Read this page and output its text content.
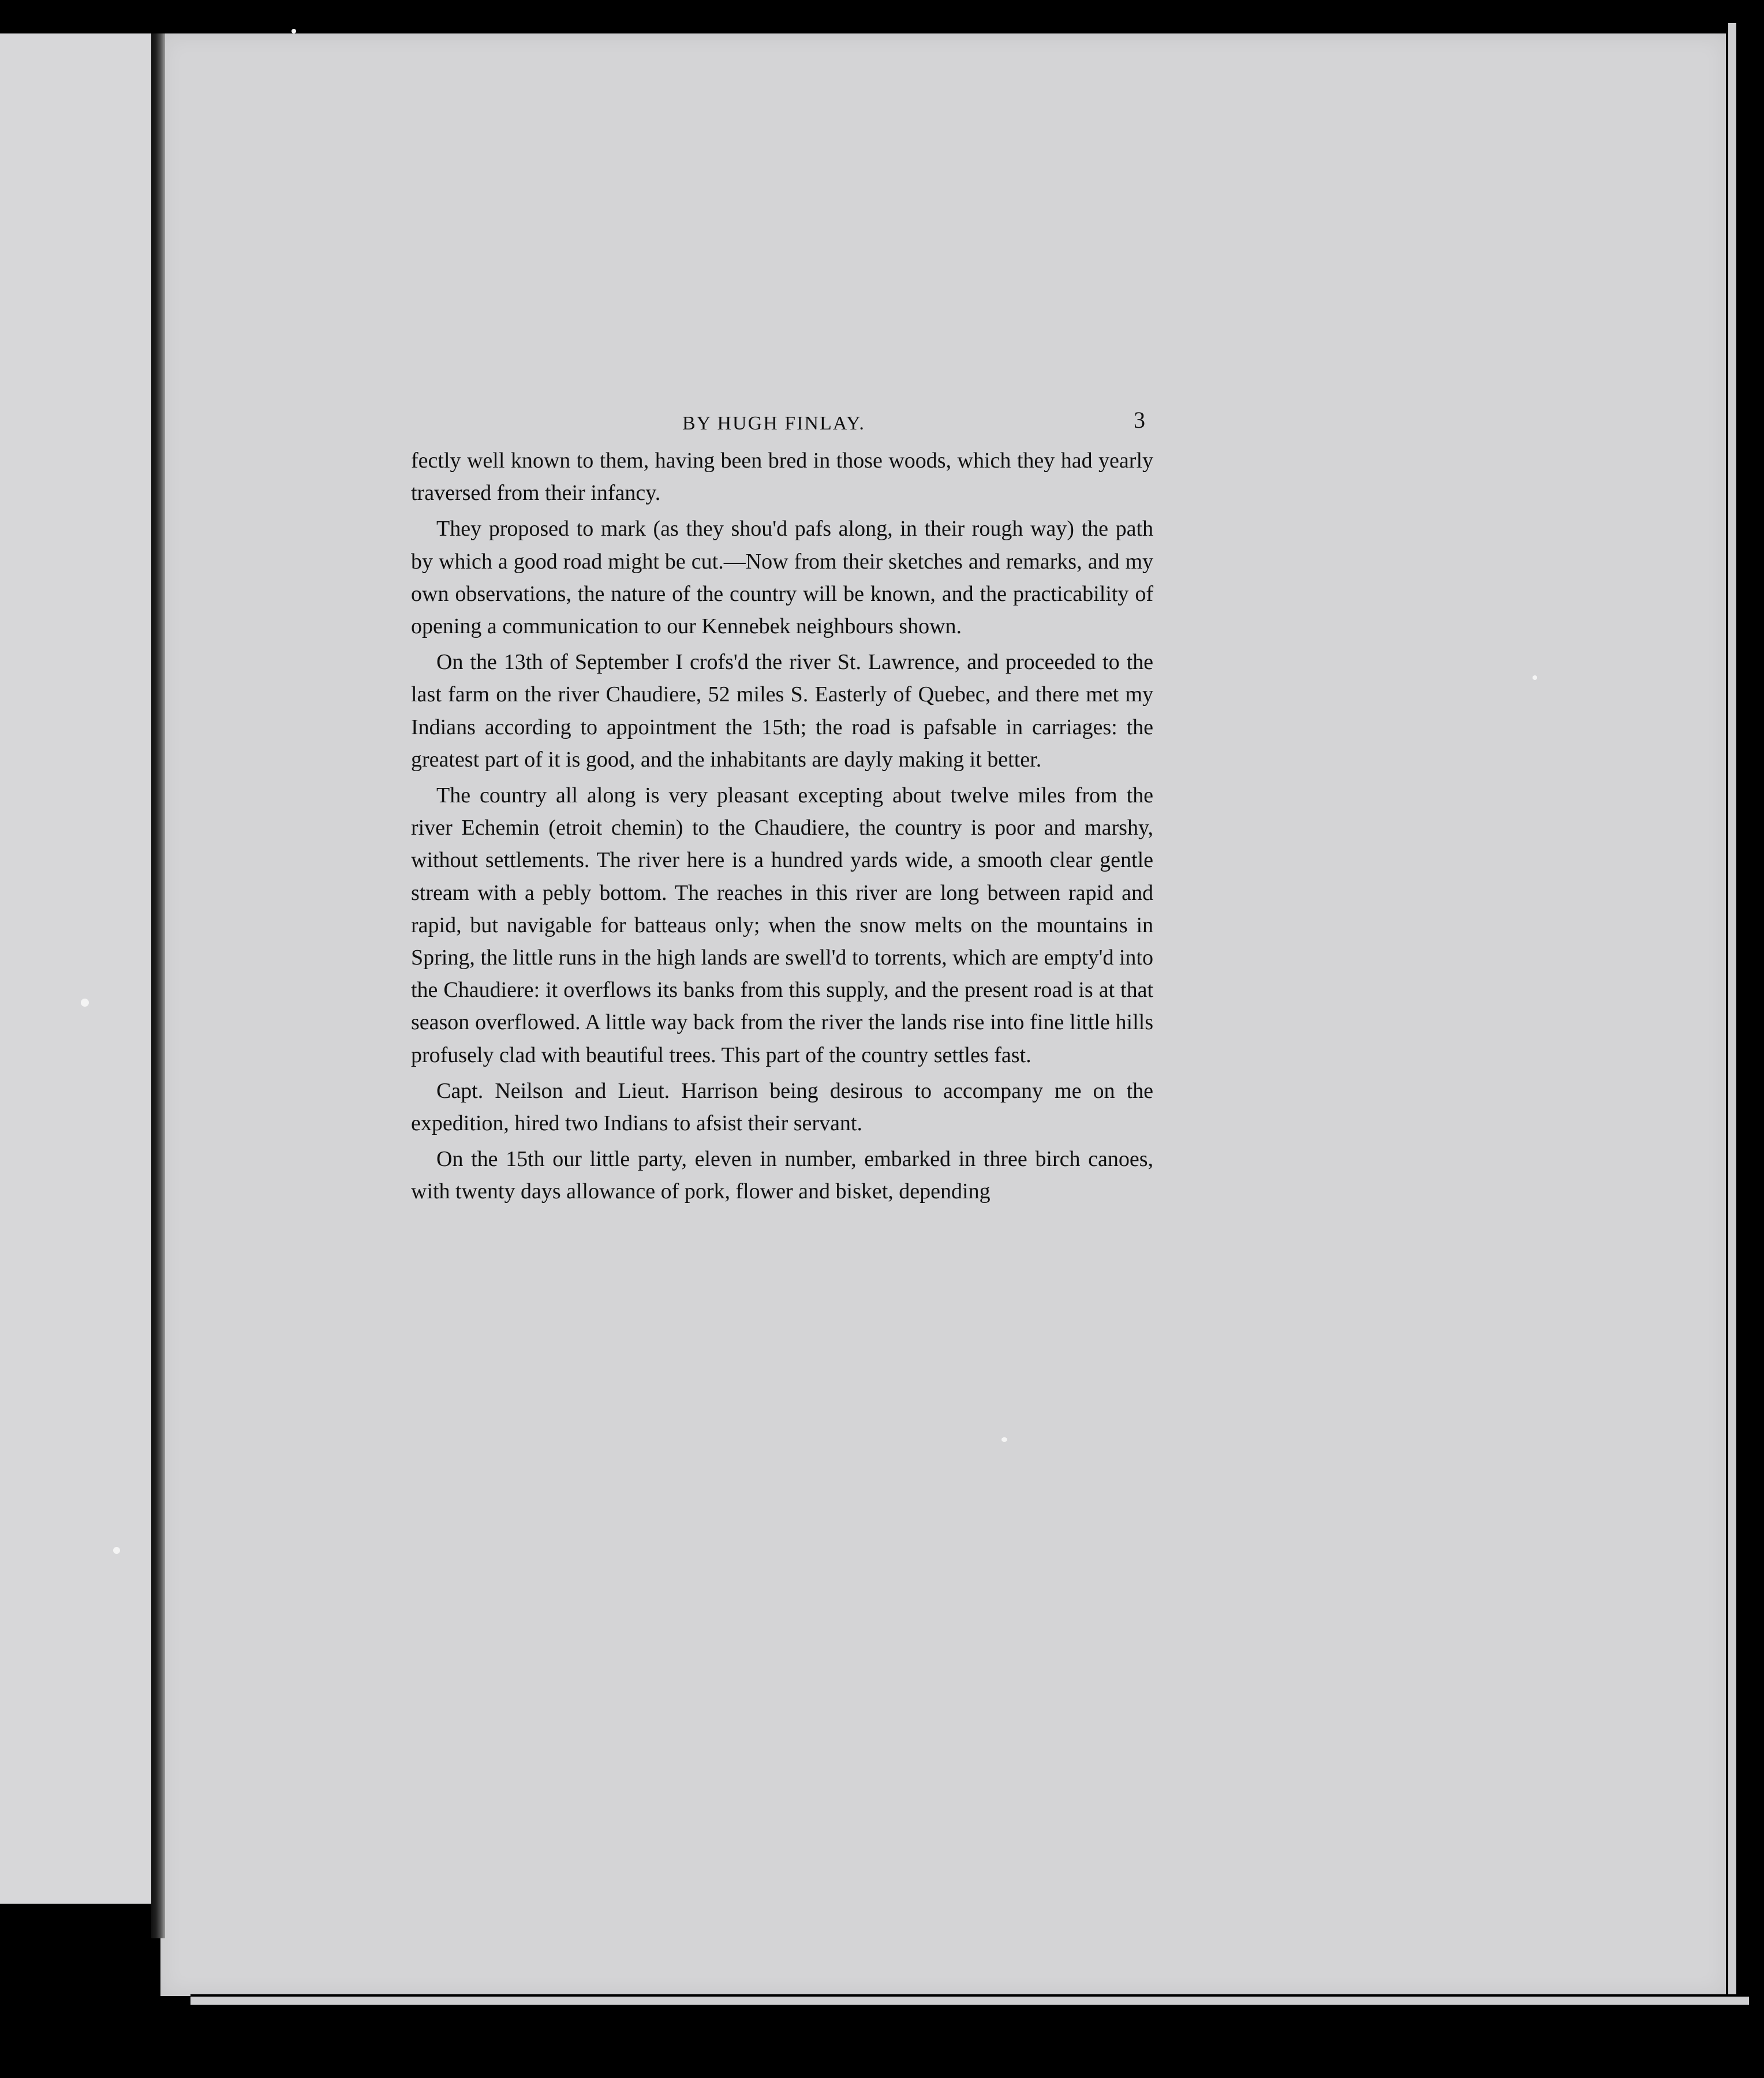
BY HUGH FINLAY.	3

fectly well known to them, having been bred in those woods, which they had yearly traversed from their infancy.

They proposed to mark (as they shou'd pafs along, in their rough way) the path by which a good road might be cut.—Now from their sketches and remarks, and my own observations, the nature of the country will be known, and the practicability of opening a communication to our Kennebek neighbours shown.

On the 13th of September I crofs'd the river St. Lawrence, and proceeded to the last farm on the river Chaudiere, 52 miles S. Easterly of Quebec, and there met my Indians according to appointment the 15th; the road is pafsable in carriages: the greatest part of it is good, and the inhabitants are dayly making it better.

The country all along is very pleasant excepting about twelve miles from the river Echemin (etroit chemin) to the Chaudiere, the country is poor and marshy, without settlements. The river here is a hundred yards wide, a smooth clear gentle stream with a pebly bottom. The reaches in this river are long between rapid and rapid, but navigable for batteaus only; when the snow melts on the mountains in Spring, the little runs in the high lands are swell'd to torrents, which are empty'd into the Chaudiere: it overflows its banks from this supply, and the present road is at that season overflowed. A little way back from the river the lands rise into fine little hills profusely clad with beautiful trees. This part of the country settles fast.

Capt. Neilson and Lieut. Harrison being desirous to accompany me on the expedition, hired two Indians to afsist their servant.

On the 15th our little party, eleven in number, embarked in three birch canoes, with twenty days allowance of pork, flower and bisket, depending
